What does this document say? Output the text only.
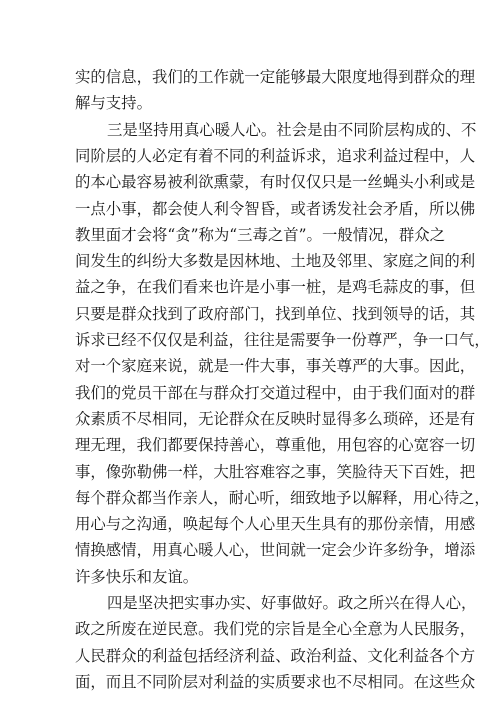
实的信息，我们的工作就一定能够最大限度地得到群众的理
解与支持。
三是坚持用真心暖人心。社会是由不同阶层构成的、不
同阶层的人必定有着不同的利益诉求，追求利益过程中，人
的本心最容易被利欲熏蒙，有时仅仅只是一丝蝇头小利或是
一点小事，都会使人利令智昏，或者诱发社会矛盾，所以佛
教里面才会将“贪”称为“三毒之首”。一般情况，群众之
间发生的纠纷大多数是因林地、土地及邻里、家庭之间的利
益之争，在我们看来也许是小事一桩，是鸡毛蒜皮的事，但
只要是群众找到了政府部门，找到单位、找到领导的话，其
诉求已经不仅仅是利益，往往是需要争一份尊严，争一口气，
对一个家庭来说，就是一件大事，事关尊严的大事。因此，
我们的党员干部在与群众打交道过程中，由于我们面对的群
众素质不尽相同，无论群众在反映时显得多么琐碎，还是有
理无理，我们都要保持善心，尊重他，用包容的心宽容一切
事，像弥勒佛一样，大肚容难容之事，笑脸待天下百姓，把
每个群众都当作亲人，耐心听，细致地予以解释，用心待之，
用心与之沟通，唤起每个人心里天生具有的那份亲情，用感
情换感情，用真心暖人心，世间就一定会少许多纷争，增添
许多快乐和友谊。
四是坚决把实事办实、好事做好。政之所兴在得人心，
政之所废在逆民意。我们党的宗旨是全心全意为人民服务，
人民群众的利益包括经济利益、政治利益、文化利益各个方
面，而且不同阶层对利益的实质要求也不尽相同。在这些众
